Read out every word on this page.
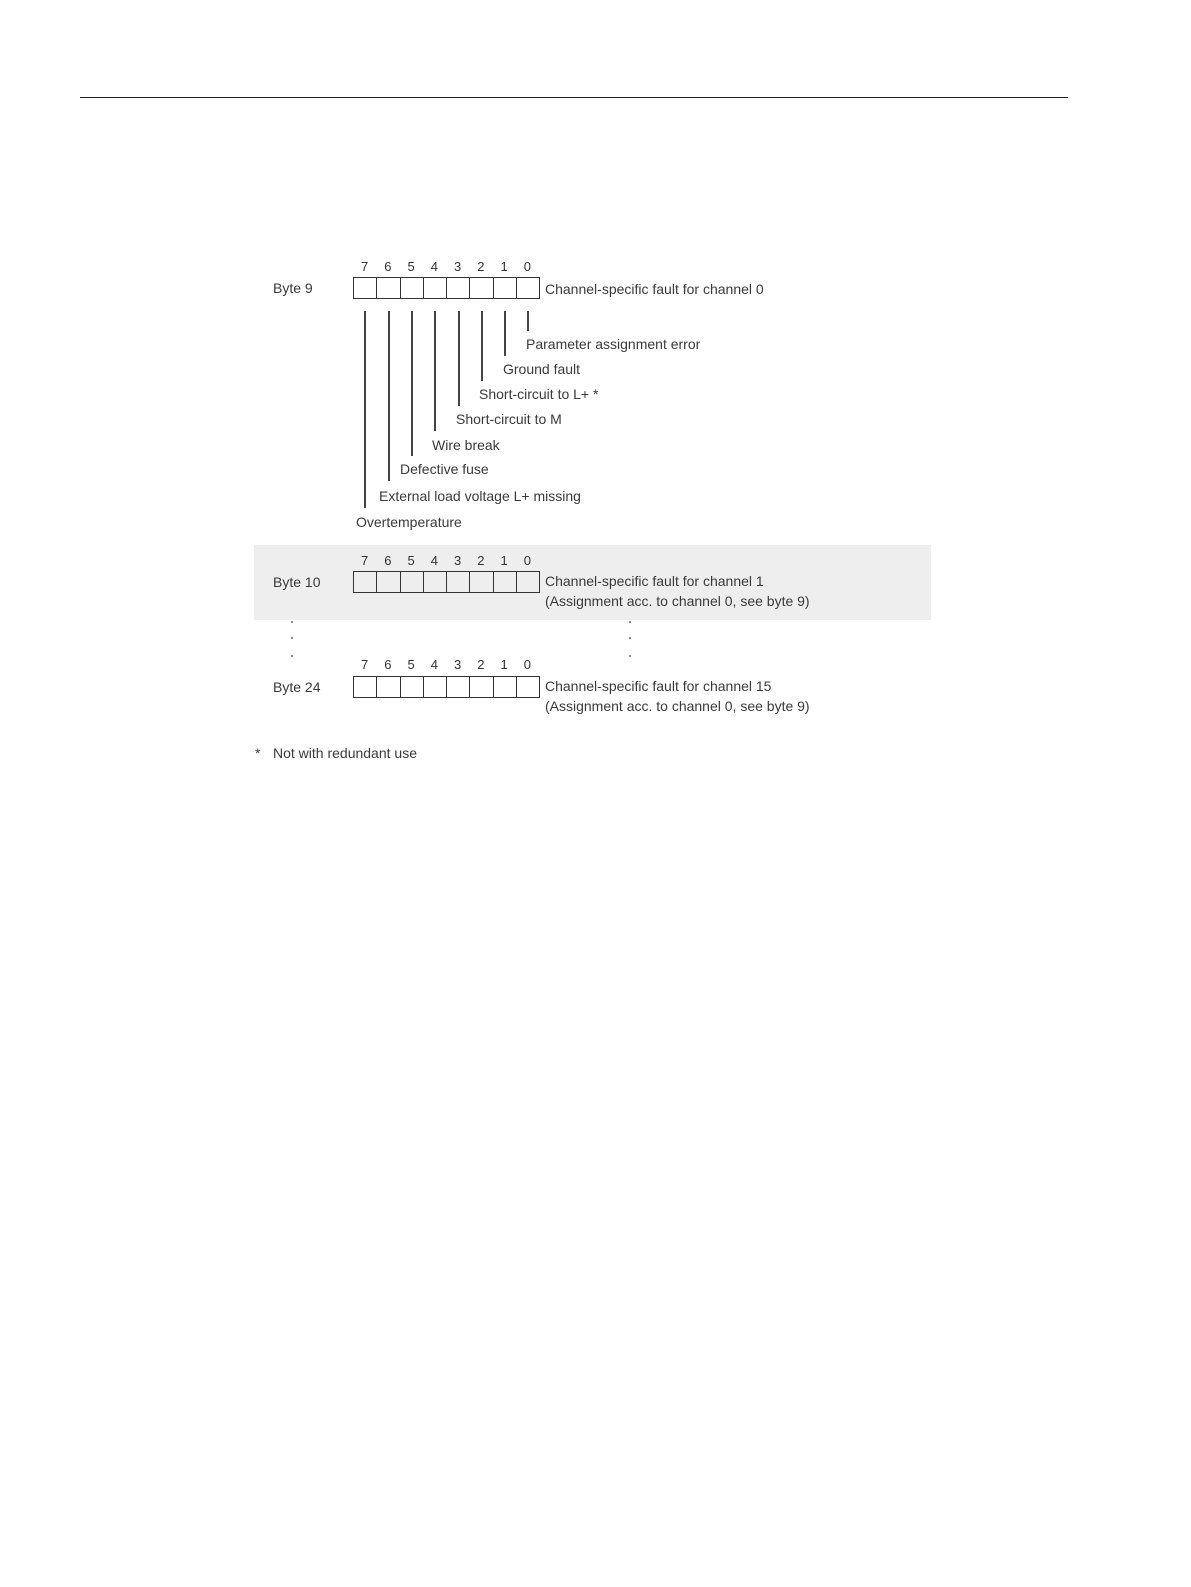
7	6	5	4	3	2	1	0
Byte 9	Channel-specific fault for channel 0
Parameter assignment error
Ground fault
Short-circuit to L+ *
Short-circuit to M
Wire break
Defective fuse
External load voltage L+ missing
Overtemperature
7	6	5	4	3	2	1	0
Byte 10	Channel-specific fault for channel 1
(Assignment acc. to channel 0, see byte 9)
7	6	5	4	3	2	1	0
Byte 24	Channel-specific fault for channel 15
(Assignment acc. to channel 0, see byte 9)
* Not with redundant use
